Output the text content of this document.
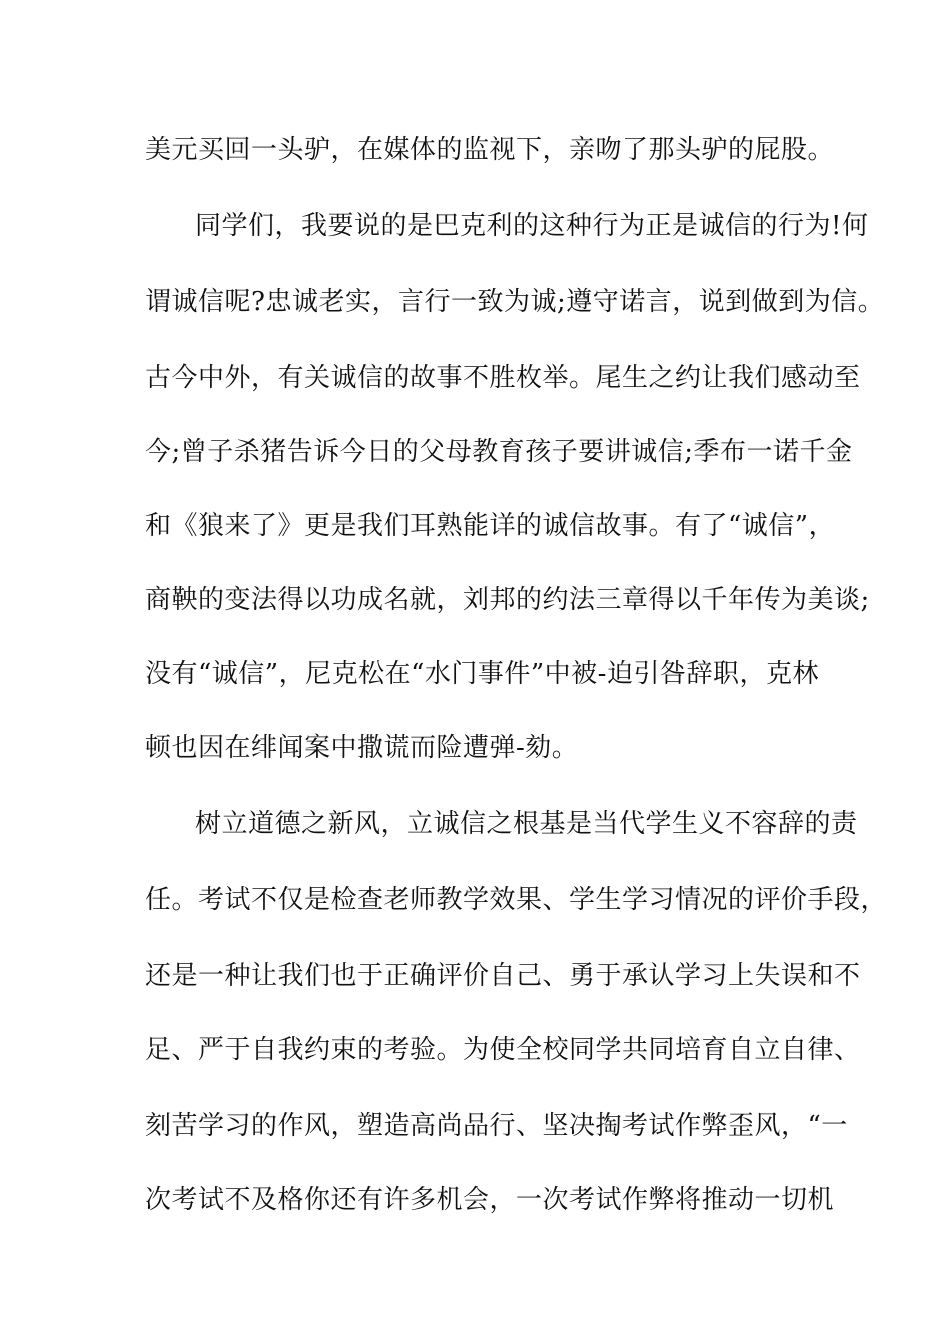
美元买回一头驴，在媒体的监视下，亲吻了那头驴的屁股。
同学们，我要说的是巴克利的这种行为正是诚信的行为!何
谓诚信呢?忠诚老实，言行一致为诚;遵守诺言，说到做到为信。
古今中外，有关诚信的故事不胜枚举。尾生之约让我们感动至
今;曾子杀猪告诉今日的父母教育孩子要讲诚信;季布一诺千金
和《狼来了》更是我们耳熟能详的诚信故事。有了“诚信”，
商鞅的变法得以功成名就，刘邦的约法三章得以千年传为美谈;
没有“诚信”，尼克松在“水门事件”中被-迫引咎辞职，克林
顿也因在绯闻案中撒谎而险遭弹-劾。
树立道德之新风，立诚信之根基是当代学生义不容辞的责
任。考试不仅是检查老师教学效果、学生学习情况的评价手段，
还是一种让我们也于正确评价自己、勇于承认学习上失误和不
足、严于自我约束的考验。为使全校同学共同培育自立自律、
刻苦学习的作风，塑造高尚品行、坚决掏考试作弊歪风，“一
次考试不及格你还有许多机会，一次考试作弊将推动一切机
